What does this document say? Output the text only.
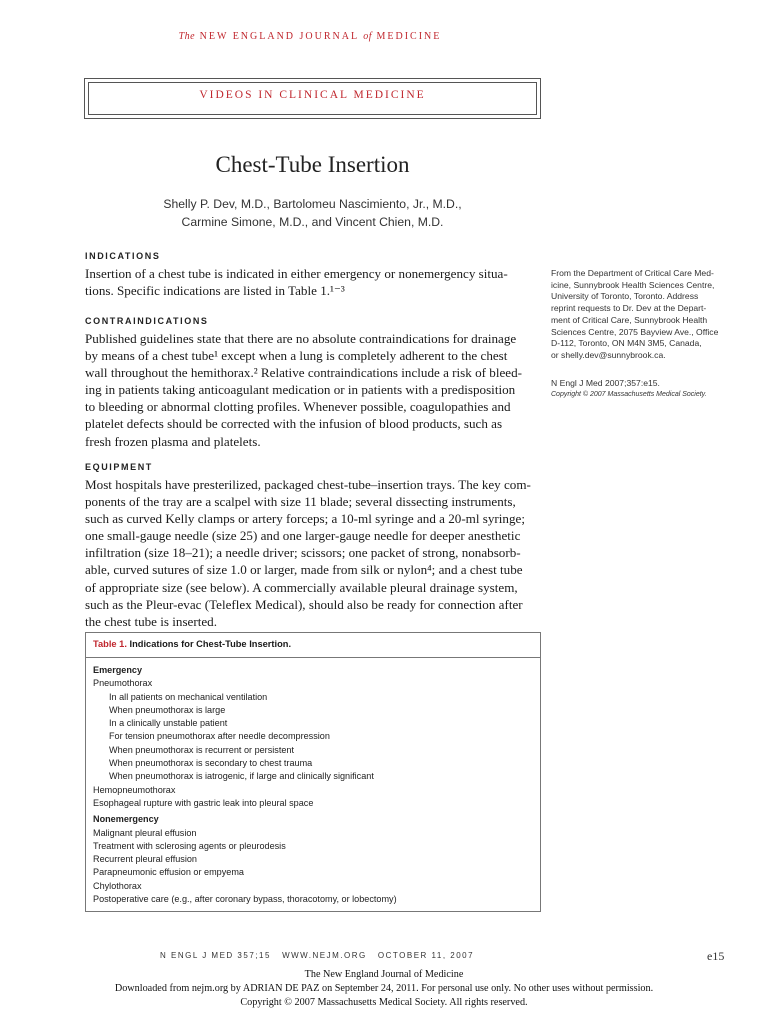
The NEW ENGLAND JOURNAL of MEDICINE
VIDEOS IN CLINICAL MEDICINE
Chest-Tube Insertion
Shelly P. Dev, M.D., Bartolomeu Nascimiento, Jr., M.D.,
Carmine Simone, M.D., and Vincent Chien, M.D.
INDICATIONS
Insertion of a chest tube is indicated in either emergency or nonemergency situa-
tions. Specific indications are listed in Table 1.¹⁻³
CONTRAINDICATIONS
Published guidelines state that there are no absolute contraindications for drainage
by means of a chest tube¹ except when a lung is completely adherent to the chest
wall throughout the hemithorax.² Relative contraindications include a risk of bleed-
ing in patients taking anticoagulant medication or in patients with a predisposition
to bleeding or abnormal clotting profiles. Whenever possible, coagulopathies and
platelet defects should be corrected with the infusion of blood products, such as
fresh frozen plasma and platelets.
EQUIPMENT
Most hospitals have presterilized, packaged chest-tube–insertion trays. The key com-
ponents of the tray are a scalpel with size 11 blade; several dissecting instruments,
such as curved Kelly clamps or artery forceps; a 10-ml syringe and a 20-ml syringe;
one small-gauge needle (size 25) and one larger-gauge needle for deeper anesthetic
infiltration (size 18–21); a needle driver; scissors; one packet of strong, nonabsorb-
able, curved sutures of size 1.0 or larger, made from silk or nylon⁴; and a chest tube
of appropriate size (see below). A commercially available pleural drainage system,
such as the Pleur-evac (Teleflex Medical), should also be ready for connection after
the chest tube is inserted.
From the Department of Critical Care Med-
icine, Sunnybrook Health Sciences Centre,
University of Toronto, Toronto. Address
reprint requests to Dr. Dev at the Depart-
ment of Critical Care, Sunnybrook Health
Sciences Centre, 2075 Bayview Ave., Office
D-112, Toronto, ON M4N 3M5, Canada,
or shelly.dev@sunnybrook.ca.
N Engl J Med 2007;357:e15.
Copyright © 2007 Massachusetts Medical Society.
Table 1. Indications for Chest-Tube Insertion.
Emergency
Pneumothorax
In all patients on mechanical ventilation
When pneumothorax is large
In a clinically unstable patient
For tension pneumothorax after needle decompression
When pneumothorax is recurrent or persistent
When pneumothorax is secondary to chest trauma
When pneumothorax is iatrogenic, if large and clinically significant
Hemopneumothorax
Esophageal rupture with gastric leak into pleural space
Nonemergency
Malignant pleural effusion
Treatment with sclerosing agents or pleurodesis
Recurrent pleural effusion
Parapneumonic effusion or empyema
Chylothorax
Postoperative care (e.g., after coronary bypass, thoracotomy, or lobectomy)
N ENGL J MED 357;15   WWW.NEJM.ORG   OCTOBER 11, 2007	e15
The New England Journal of Medicine
Downloaded from nejm.org by ADRIAN DE PAZ on September 24, 2011. For personal use only. No other uses without permission.
Copyright © 2007 Massachusetts Medical Society. All rights reserved.
